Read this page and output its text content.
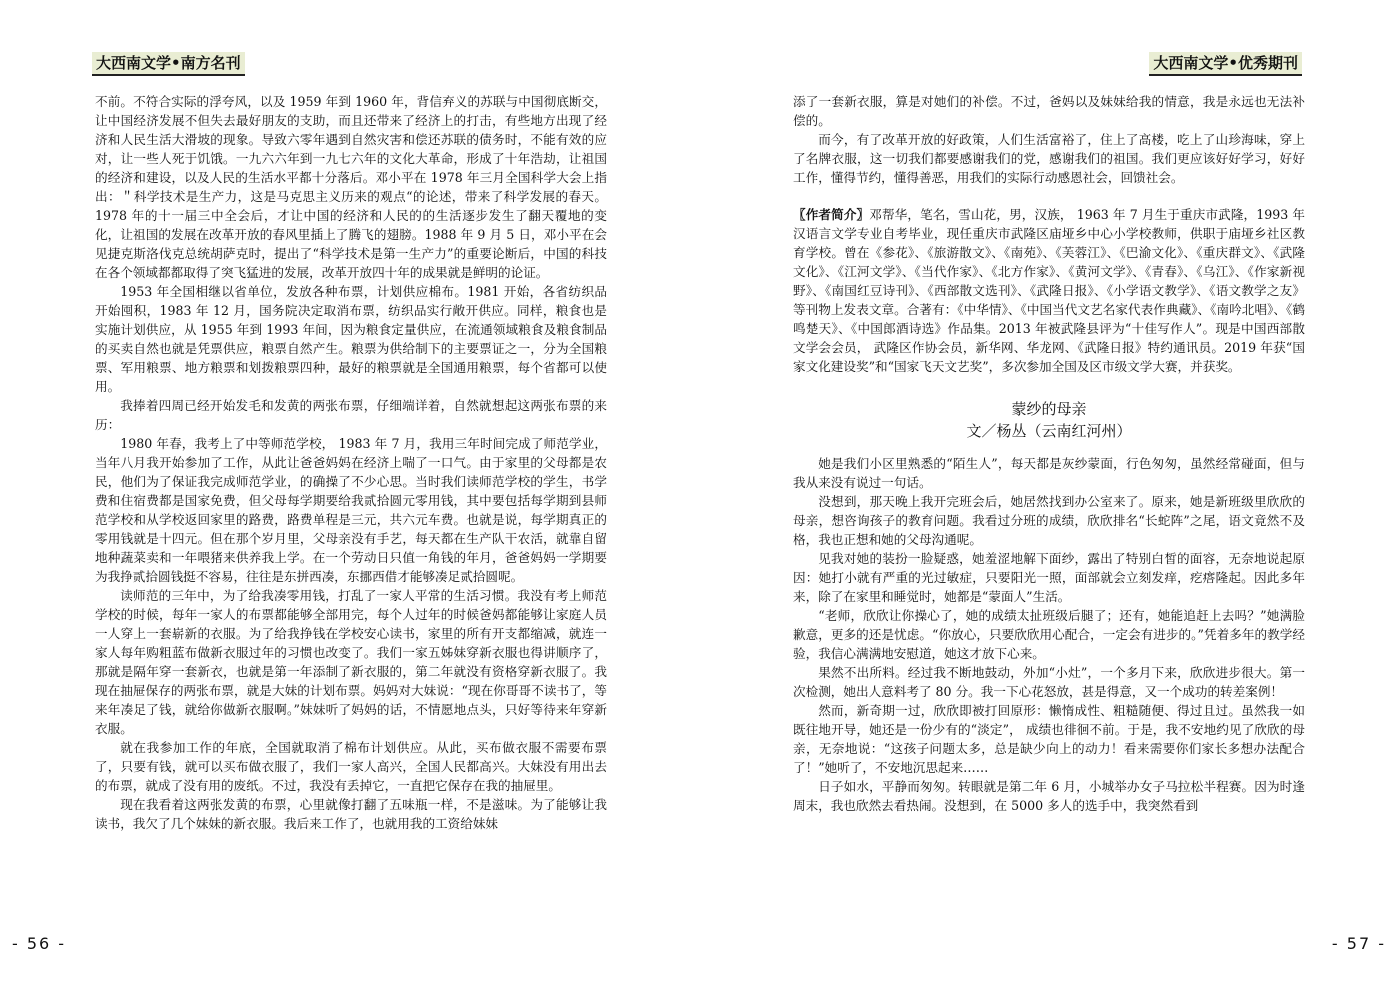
大西南文学•南方名刊

不前。不符合实际的浮夸风，以及 1959 年到 1960 年，背信弃义的苏联与中国彻底断交，让中国经济发展不但失去最好朋友的支助，而且还带来了经济上的打击，有些地方出现了经济和人民生活大滑坡的现象。导致六零年遇到自然灾害和偿还苏联的债务时，不能有效的应对，让一些人死于饥饿。一九六六年到一九七六年的文化大革命，形成了十年浩劫，让祖国的经济和建设，以及人民的生活水平都十分落后。邓小平在 1978 年三月全国科学大会上指出：＂科学技术是生产力，这是马克思主义历来的观点“的论述，带来了科学发展的春天。 1978 年的十一届三中全会后，才让中国的经济和人民的的生活逐步发生了翻天覆地的变化，让祖国的发展在改革开放的春风里插上了腾飞的翅膀。1988 年 9 月 5 日，邓小平在会见捷克斯洛伐克总统胡萨克时，提出了“科学技术是第一生产力”的重要论断后，中国的科技在各个领域都都取得了突飞猛进的发展，改革开放四十年的成果就是鲜明的论证。

1953 年全国相继以省单位，发放各种布票，计划供应棉布。1981 开始，各省纺织品开始囤积，1983 年 12 月，国务院决定取消布票，纺织品实行敞开供应。同样，粮食也是实施计划供应，从 1955 年到 1993 年间，因为粮食定量供应，在流通领域粮食及粮食制品的买卖自然也就是凭票供应，粮票自然产生。粮票为供给制下的主要票证之一，分为全国粮票、军用粮票、地方粮票和划拨粮票四种，最好的粮票就是全国通用粮票，每个省都可以使用。

我捧着四周已经开始发毛和发黄的两张布票，仔细端详着，自然就想起这两张布票的来历：

1980 年春，我考上了中等师范学校， 1983 年 7 月，我用三年时间完成了师范学业，当年八月我开始参加了工作，从此让爸爸妈妈在经济上喘了一口气。由于家里的父母都是农民，他们为了保证我完成师范学业，的确操了不少心思。当时我们读师范学校的学生，书学费和住宿费都是国家免费，但父母每学期要给我贰拾圆元零用钱，其中要包括每学期到县师范学校和从学校返回家里的路费，路费单程是三元，共六元车费。也就是说，每学期真正的零用钱就是十四元。但在那个岁月里，父母亲没有手艺，每天都在生产队干农活，就靠自留地种蔬菜卖和一年喂猪来供养我上学。在一个劳动日只值一角钱的年月，爸爸妈妈一学期要为我挣贰拾圆钱挺不容易，往往是东拼西凑，东挪西借才能够凑足贰拾圆呢。

读师范的三年中，为了给我凑零用钱，打乱了一家人平常的生活习惯。我没有考上师范学校的时候，每年一家人的布票都能够全部用完，每个人过年的时候爸妈都能够让家庭人员一人穿上一套崭新的衣服。为了给我挣钱在学校安心读书，家里的所有开支都缩减，就连一家人每年购粗蓝布做新衣服过年的习惯也改变了。我们一家五姊妹穿新衣服也得讲顺序了，那就是隔年穿一套新衣，也就是第一年添制了新衣服的，第二年就没有资格穿新衣服了。我现在抽屉保存的两张布票，就是大妹的计划布票。妈妈对大妹说：“现在你哥哥不读书了，等来年凑足了钱，就给你做新衣服啊。”妹妹听了妈妈的话，不情愿地点头，只好等待来年穿新衣服。

就在我参加工作的年底，全国就取消了棉布计划供应。从此，买布做衣服不需要布票了，只要有钱，就可以买布做衣服了，我们一家人高兴，全国人民都高兴。大妹没有用出去的布票，就成了没有用的废纸。不过，我没有丢掉它，一直把它保存在我的抽屉里。

现在我看着这两张发黄的布票，心里就像打翻了五味瓶一样，不是滋味。为了能够让我读书，我欠了几个妹妹的新衣服。我后来工作了，也就用我的工资给妹妹

- 56 -
大西南文学•优秀期刊

添了一套新衣服，算是对她们的补偿。不过，爸妈以及妹妹给我的情意，我是永远也无法补偿的。

而今，有了改革开放的好政策，人们生活富裕了，住上了高楼，吃上了山珍海味，穿上了名牌衣服，这一切我们都要感谢我们的党，感谢我们的祖国。我们更应该好好学习，好好工作，懂得节约，懂得善恶，用我们的实际行动感恩社会，回馈社会。

〖作者简介〗邓帮华，笔名，雪山花，男，汉族， 1963 年 7 月生于重庆市武隆，1993 年汉语言文学专业自考毕业，现任重庆市武隆区庙垭乡中心小学校教师，供职于庙垭乡社区教育学校。曾在《参花》、《旅游散文》、《南苑》、《芙蓉江》、《巴渝文化》、《重庆群文》、《武隆文化》、《江河文学》、《当代作家》、《北方作家》、《黄河文学》、《青春》、《乌江》、《作家新视野》、《南国红豆诗刊》、《西部散文选刊》、《武隆日报》、《小学语文教学》、《语文教学之友》等刊物上发表文章。合著有：《中华情》、《中国当代文艺名家代表作典藏》、《南吟北唱》、《鹤鸣楚天》、《中国郎酒诗选》作品集。2013 年被武隆县评为“十佳写作人”。现是中国西部散文学会会员， 武隆区作协会员，新华网、华龙网、《武隆日报》特约通讯员。2019 年获“国家文化建设奖”和“国家飞天文艺奖”，多次参加全国及区市级文学大赛，并获奖。

蒙纱的母亲
文／杨丛（云南红河州）

她是我们小区里熟悉的“陌生人”，每天都是灰纱蒙面，行色匆匆，虽然经常碰面，但与我从来没有说过一句话。

没想到，那天晚上我开完班会后，她居然找到办公室来了。原来，她是新班级里欣欣的母亲，想咨询孩子的教育问题。我看过分班的成绩，欣欣排名“长蛇阵”之尾，语文竟然不及格，我也正想和她的父母沟通呢。

见我对她的装扮一脸疑惑，她羞涩地解下面纱，露出了特别白皙的面容，无奈地说起原因：她打小就有严重的光过敏症，只要阳光一照，面部就会立刻发痒，疙瘩隆起。因此多年来，除了在家里和睡觉时，她都是“蒙面人”生活。

“老师，欣欣让你操心了，她的成绩太扯班级后腿了；还有，她能追赶上去吗？”她满脸歉意，更多的还是忧虑。“你放心，只要欣欣用心配合，一定会有进步的。”凭着多年的教学经验，我信心满满地安慰道，她这才放下心来。

果然不出所料。经过我不断地鼓动，外加“小灶”，一个多月下来，欣欣进步很大。第一次检测，她出人意料考了 80 分。我一下心花怒放，甚是得意，又一个成功的转差案例！

然而，新奇期一过，欣欣即被打回原形：懒惰成性、粗糙随便、得过且过。虽然我一如既往地开导，她还是一份少有的“淡定”， 成绩也徘徊不前。于是，我不安地约见了欣欣的母亲，无奈地说：“这孩子问题太多，总是缺少向上的动力！看来需要你们家长多想办法配合了！”她听了，不安地沉思起来……

日子如水，平静而匆匆。转眼就是第二年 6 月，小城举办女子马拉松半程赛。因为时逢周末，我也欣然去看热闹。没想到，在 5000 多人的选手中，我突然看到

- 57 -
